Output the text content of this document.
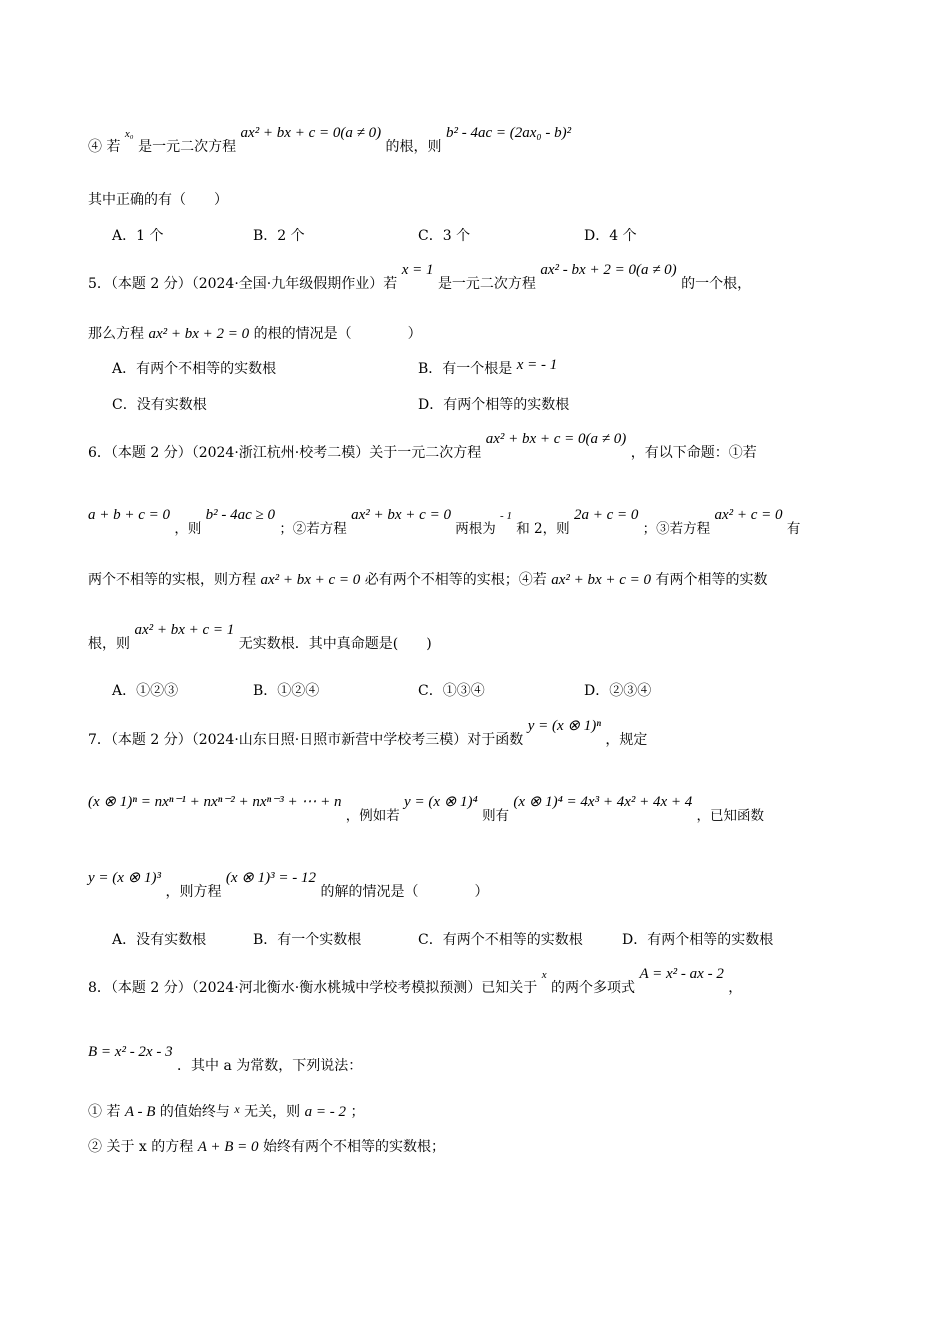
④ 若 $^{x_0}$ 是一元二次方程 ax² + bx + c = 0(a ≠ 0) 的根，则 b² - 4ac = (2ax₀ - b)²
其中正确的有（　　）
A．1 个	B．2 个	C．3 个	D．4 个
5．（本题 2 分）（2024·全国·九年级假期作业）若 x = 1 是一元二次方程 ax² - bx + 2 = 0(a ≠ 0) 的一个根，
那么方程 ax² + bx + 2 = 0 的根的情况是（　　　　）
A．有两个不相等的实数根	B．有一个根是 x = - 1
C．没有实数根	D．有两个相等的实数根
6．（本题 2 分）（2024·浙江杭州·校考二模）关于一元二次方程 ax² + bx + c = 0(a ≠ 0) ，有以下命题：①若
a + b + c = 0 ，则 b² - 4ac ≥ 0 ；②若方程 ax² + bx + c = 0 两根为 $^{- 1}$ 和 2，则 2a + c = 0 ；③若方程 ax² + c = 0 有
两个不相等的实根，则方程 ax² + bx + c = 0 必有两个不相等的实根；④若 ax² + bx + c = 0 有两个相等的实数
根，则 ax² + bx + c = 1 无实数根．其中真命题是(　　)
A．①②③	B．①②④	C．①③④	D．②③④
7．（本题 2 分）（2024·山东日照·日照市新营中学校考三模）对于函数 y = (x ⊗ 1)ⁿ ，规定
(x ⊗ 1)ⁿ = nxⁿ⁻¹ + nxⁿ⁻² + nxⁿ⁻³ + ⋯ + n ，例如若 y = (x ⊗ 1)⁴ 则有 (x ⊗ 1)⁴ = 4x³ + 4x² + 4x + 4 ，已知函数
y = (x ⊗ 1)³ ，则方程 (x ⊗ 1)³ = - 12 的解的情况是（　　　　）
A．没有实数根	B．有一个实数根	C．有两个不相等的实数根	D．有两个相等的实数根
8．（本题 2 分）（2024·河北衡水·衡水桃城中学校考模拟预测）已知关于 $^x$ 的两个多项式 A = x² - ax - 2 ，
B = x² - 2x - 3 ．其中 a 为常数，下列说法：
① 若 A - B 的值始终与 x 无关，则 a = - 2 ；
② 关于 x 的方程 A + B = 0 始终有两个不相等的实数根；
